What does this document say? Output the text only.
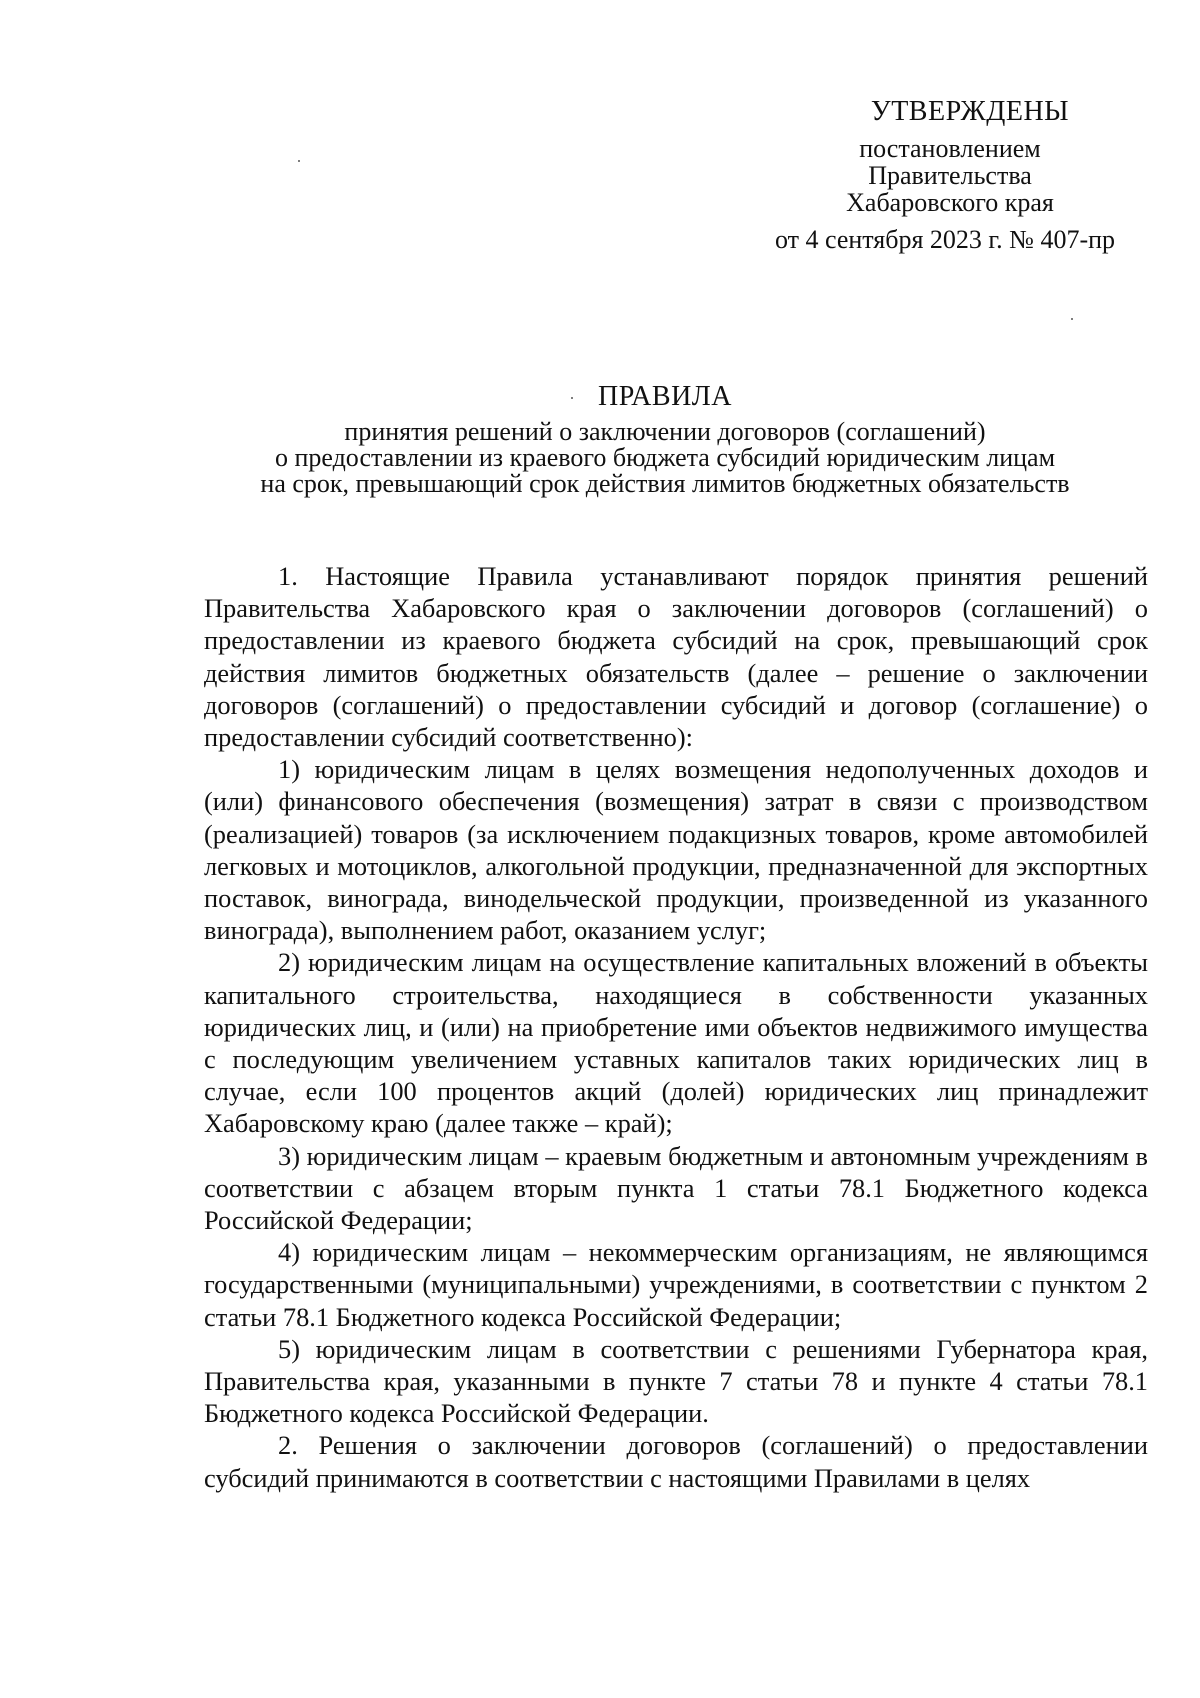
УТВЕРЖДЕНЫ
постановлением
Правительства
Хабаровского края
от 4 сентября 2023 г. № 407-пр
ПРАВИЛА
принятия решений о заключении договоров (соглашений)
о предоставлении из краевого бюджета субсидий юридическим лицам
на срок, превышающий срок действия лимитов бюджетных обязательств

1. Настоящие Правила устанавливают порядок принятия решений Правительства Хабаровского края о заключении договоров (соглашений) о предоставлении из краевого бюджета субсидий на срок, превышающий срок действия лимитов бюджетных обязательств (далее – решение о заключении договоров (соглашений) о предоставлении субсидий и договор (соглашение) о предоставлении субсидий соответственно):

1) юридическим лицам в целях возмещения недополученных доходов и (или) финансового обеспечения (возмещения) затрат в связи с производством (реализацией) товаров (за исключением подакцизных товаров, кроме автомобилей легковых и мотоциклов, алкогольной продукции, предназначенной для экспортных поставок, винограда, винодельческой продукции, произведенной из указанного винограда), выполнением работ, оказанием услуг;

2) юридическим лицам на осуществление капитальных вложений в объекты капитального строительства, находящиеся в собственности указанных юридических лиц, и (или) на приобретение ими объектов недвижимого имущества с последующим увеличением уставных капиталов таких юридических лиц в случае, если 100 процентов акций (долей) юридических лиц принадлежит Хабаровскому краю (далее также – край);

3) юридическим лицам – краевым бюджетным и автономным учреждениям в соответствии с абзацем вторым пункта 1 статьи 78.1 Бюджетного кодекса Российской Федерации;

4) юридическим лицам – некоммерческим организациям, не являющимся государственными (муниципальными) учреждениями, в соответствии с пунктом 2 статьи 78.1 Бюджетного кодекса Российской Федерации;

5) юридическим лицам в соответствии с решениями Губернатора края, Правительства края, указанными в пункте 7 статьи 78 и пункте 4 статьи 78.1 Бюджетного кодекса Российской Федерации.

2. Решения о заключении договоров (соглашений) о предоставлении субсидий принимаются в соответствии с настоящими Правилами в целях
